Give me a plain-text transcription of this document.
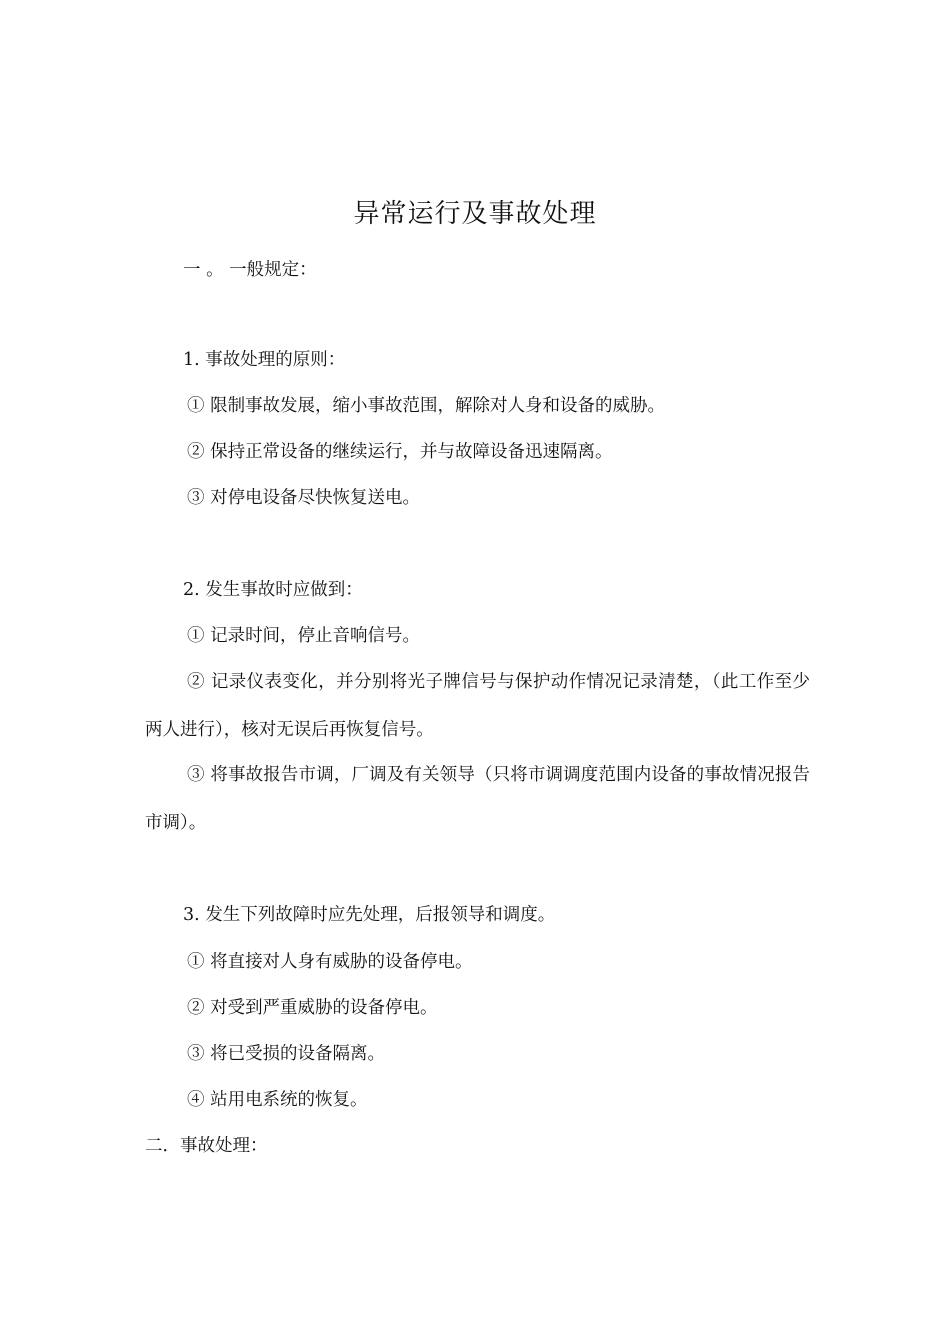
异常运行及事故处理
一 。 一般规定：
1. 事故处理的原则：
① 限制事故发展，缩小事故范围，解除对人身和设备的威胁。
② 保持正常设备的继续运行，并与故障设备迅速隔离。
③ 对停电设备尽快恢复送电。
2. 发生事故时应做到：
① 记录时间，停止音响信号。
② 记录仪表变化，并分别将光子牌信号与保护动作情况记录清楚，（此工作至少两人进行），核对无误后再恢复信号。
③ 将事故报告市调，厂调及有关领导（只将市调调度范围内设备的事故情况报告市调）。
3. 发生下列故障时应先处理，后报领导和调度。
① 将直接对人身有威胁的设备停电。
② 对受到严重威胁的设备停电。
③ 将已受损的设备隔离。
④ 站用电系统的恢复。
二．事故处理：
